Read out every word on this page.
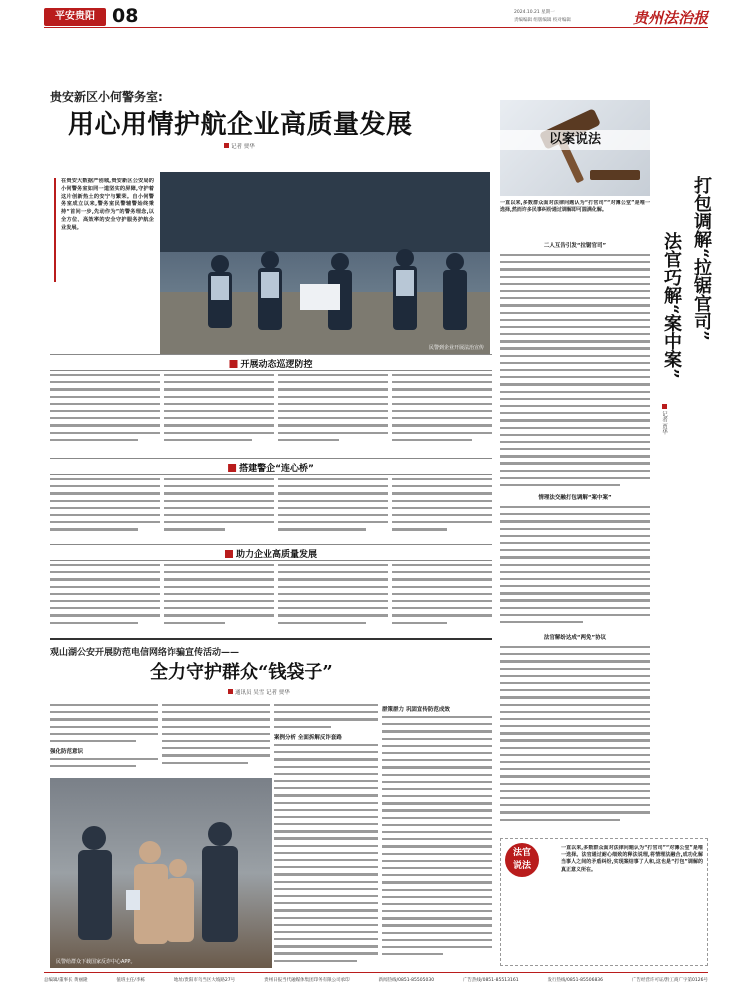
平安贵阳 08	2024.10.21 星期一
责编编辑 组版编辑 校对编辑	贵州法治报
贵安新区小何警务室:
用心用情护航企业高质量发展
记者 贾华
在贵安大数据产创城,贵安新区公安局的小何警务室如同一道坚实的屏障,守护着这片创新热土的安宁与繁荣。自小何警务室成立以来,警务室民警辅警始终秉持“首问一步,先动作为”的警务理念,以全方位、高效率的安全守护服务护航企业发展。
民警到企业开展法治宣传
开展动态巡逻防控
搭建警企“连心桥”
助力企业高质量发展
观山湖公安开展防范电信网络诈骗宣传活动——
全力守护群众“钱袋子”
通讯员 吴雪 记者 贾华
强化防范意识
案例分析 全面拆解反诈套路
群策群力 巩固宣传防范成效
民警给群众下载国家反诈中心APP。
以案说法
一直以来,多数群众面对法律问题认为“打官司”“对簿公堂”是唯一选择,然而许多民事纠纷通过调解即可圆满化解。
二人互告引发“拉锯官司”
情理法交融打包调解“案中案”
法官解纷达成“两免”协议
打包调解“拉锯官司”
法官巧解“案中案”
记者 贾华
法官说法
一直以来,多数群众面对法律问题认为“打官司”“对簿公堂”是唯一选择。法官通过耐心细致的释法说理,将情理法融合,成功化解当事人之间的矛盾纠纷,实现案结事了人和,这也是“打包”调解的真正意义所在。
总编辑/董事长 黄丽隆	值班主任/李栋	地址/贵阳市乌当区大坡路27号	贵州日报当代融媒体集团印务有限公司承印	新闻热线/0851-85505030	广告热线/0851-85513161	发行热线/0851-85506836	广告经营许可证/黔工商广字第0126号
